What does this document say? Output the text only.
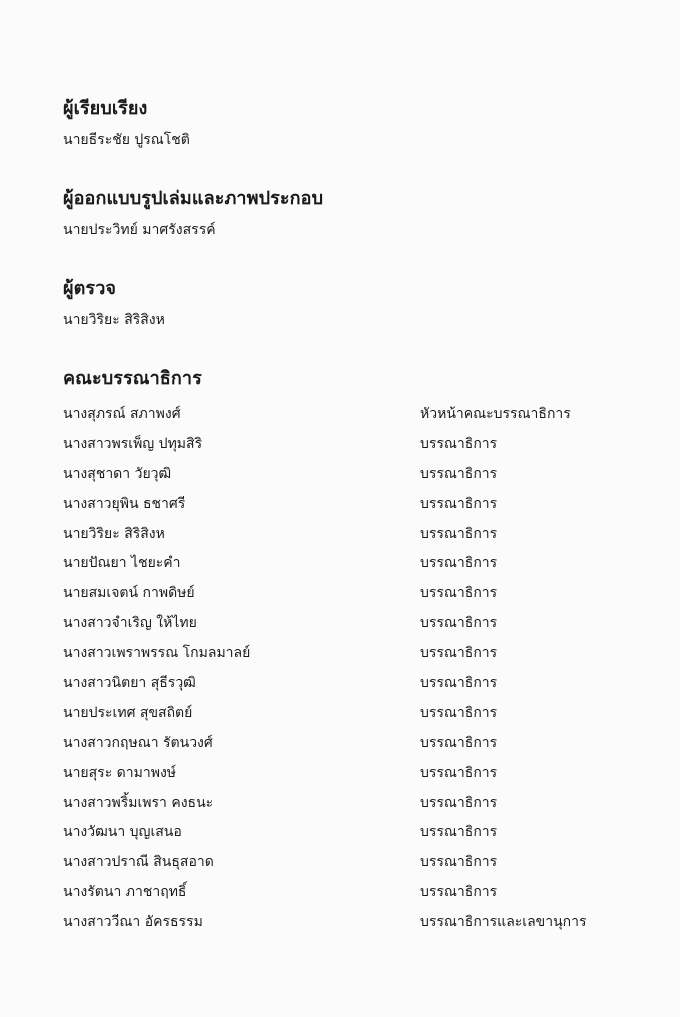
ผู้เรียบเรียง

นายธีระชัย ปูรณโชติ

ผู้ออกแบบรูปเล่มและภาพประกอบ

นายประวิทย์ มาศรังสรรค์

ผู้ตรวจ

นายวิริยะ สิริสิงห

คณะบรรณาธิการ
นางสุภรณ์ สภาพงศ์	หัวหน้าคณะบรรณาธิการ
นางสาวพรเพ็ญ ปทุมสิริ	บรรณาธิการ
นางสุชาดา วัยวุฒิ	บรรณาธิการ
นางสาวยุพิน ธชาศรี	บรรณาธิการ
นายวิริยะ สิริสิงห	บรรณาธิการ
นายปัณยา ไชยะคำ	บรรณาธิการ
นายสมเจตน์ กาพดิษย์	บรรณาธิการ
นางสาวจำเริญ ให้ไทย	บรรณาธิการ
นางสาวเพราพรรณ โกมลมาลย์	บรรณาธิการ
นางสาวนิตยา สุธีรวุฒิ	บรรณาธิการ
นายประเทศ สุขสถิตย์	บรรณาธิการ
นางสาวกฤษณา รัตนวงศ์	บรรณาธิการ
นายสุระ ดามาพงษ์	บรรณาธิการ
นางสาวพริ้มเพรา คงธนะ	บรรณาธิการ
นางวัฒนา บุญเสนอ	บรรณาธิการ
นางสาวปราณี สินธุสอาด	บรรณาธิการ
นางรัตนา ภาชาฤทธิ์	บรรณาธิการ
นางสาววีณา อัครธรรม	บรรณาธิการและเลขานุการ
